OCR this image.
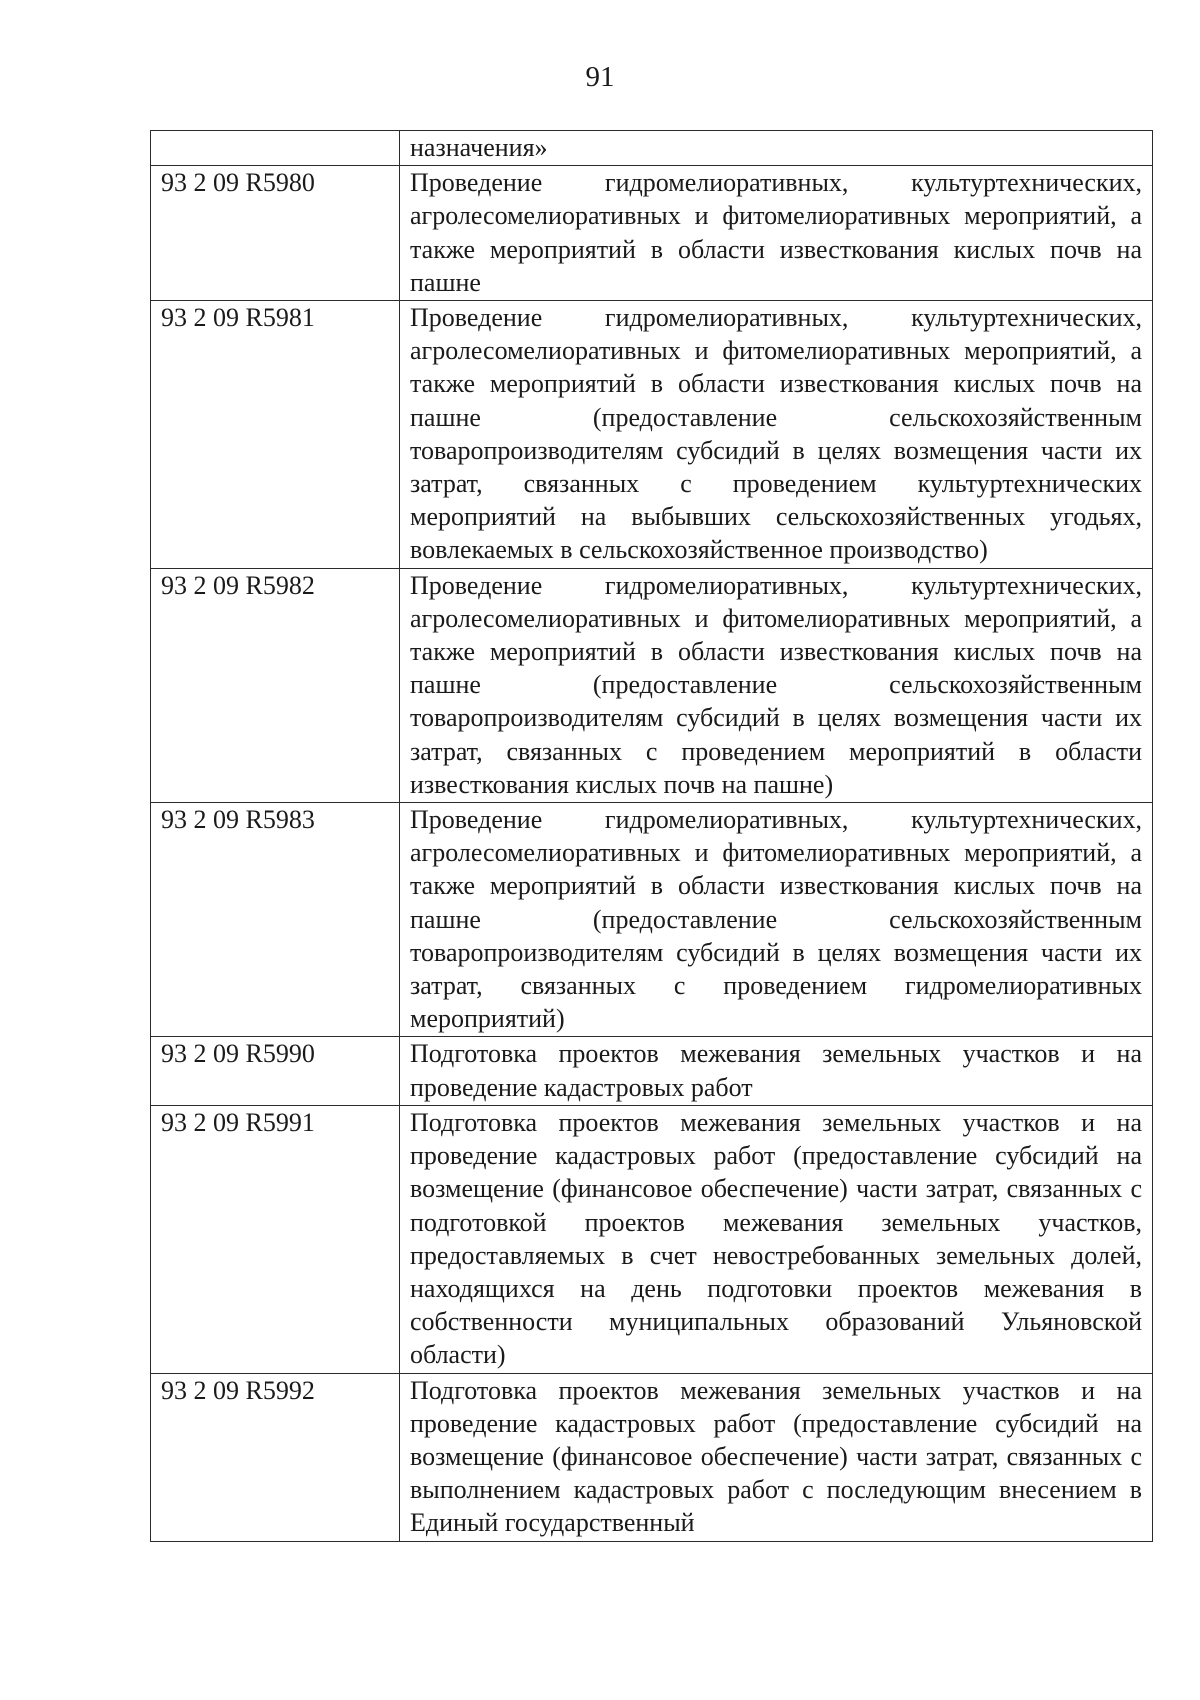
91
	назначения»
93 2 09 R5980	Проведение гидромелиоративных, культуртехнических, агролесомелиоративных и фитомелиоративных мероприятий, а также мероприятий в области известкования кислых почв на пашне
93 2 09 R5981	Проведение гидромелиоративных, культуртехнических, агролесомелиоративных и фитомелиоративных мероприятий, а также мероприятий в области известкования кислых почв на пашне (предоставление сельскохозяйственным товаропроизводителям субсидий в целях возмещения части их затрат, связанных с проведением культуртехнических мероприятий на выбывших сельскохозяйственных угодьях, вовлекаемых в сельскохозяйственное производство)
93 2 09 R5982	Проведение гидромелиоративных, культуртехнических, агролесомелиоративных и фитомелиоративных мероприятий, а также мероприятий в области известкования кислых почв на пашне (предоставление сельскохозяйственным товаропроизводителям субсидий в целях возмещения части их затрат, связанных с проведением мероприятий в области известкования кислых почв на пашне)
93 2 09 R5983	Проведение гидромелиоративных, культуртехнических, агролесомелиоративных и фитомелиоративных мероприятий, а также мероприятий в области известкования кислых почв на пашне (предоставление сельскохозяйственным товаропроизводителям субсидий в целях возмещения части их затрат, связанных с проведением гидромелиоративных мероприятий)
93 2 09 R5990	Подготовка проектов межевания земельных участков и на проведение кадастровых работ
93 2 09 R5991	Подготовка проектов межевания земельных участков и на проведение кадастровых работ (предоставление субсидий на возмещение (финансовое обеспечение) части затрат, связанных с подготовкой проектов межевания земельных участков, предоставляемых в счет невостребованных земельных долей, находящихся на день подготовки проектов межевания в собственности муниципальных образований Ульяновской области)
93 2 09 R5992	Подготовка проектов межевания земельных участков и на проведение кадастровых работ (предоставление субсидий на возмещение (финансовое обеспечение) части затрат, связанных с выполнением кадастровых работ с последующим внесением в Единый государственный
